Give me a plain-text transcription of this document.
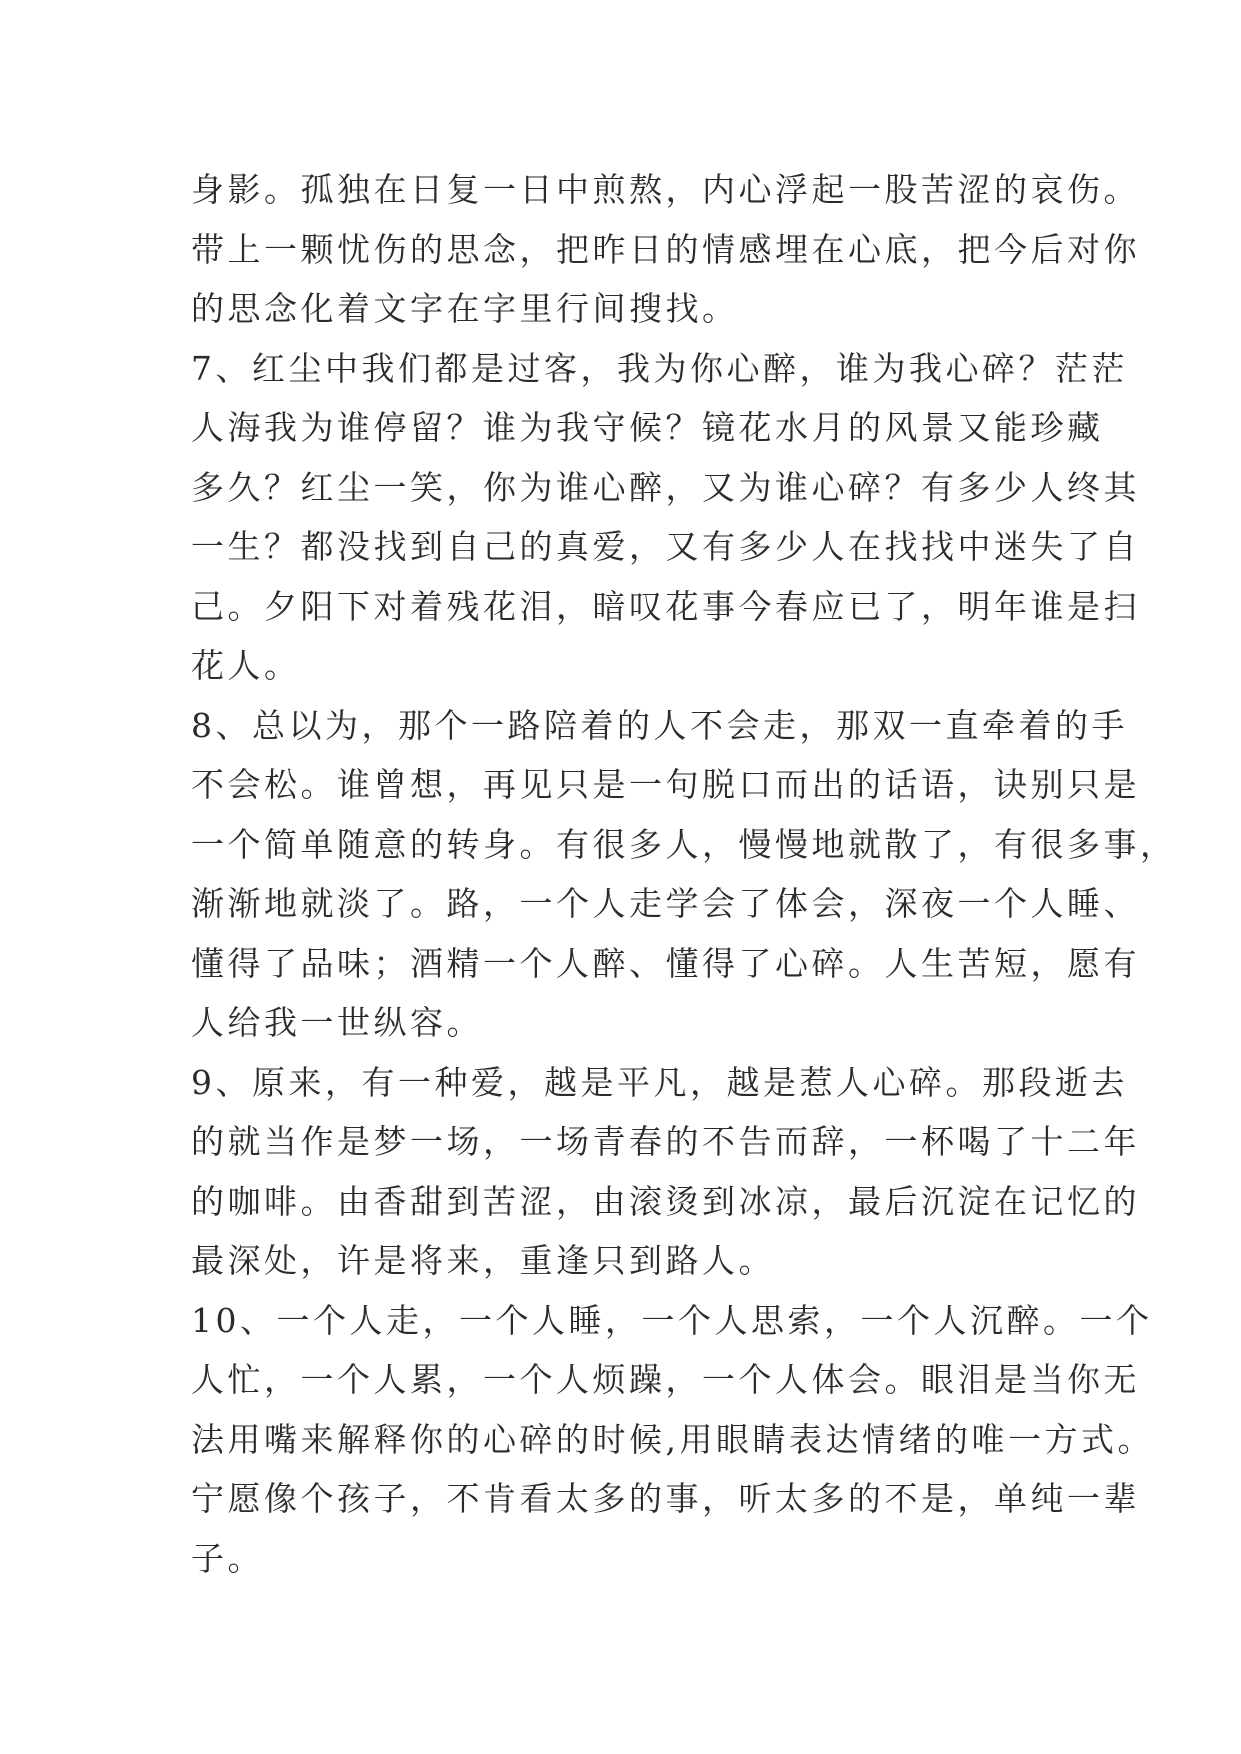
身影。孤独在日复一日中煎熬，内心浮起一股苦涩的哀伤。
带上一颗忧伤的思念，把昨日的情感埋在心底，把今后对你
的思念化着文字在字里行间搜找。
7、红尘中我们都是过客，我为你心醉，谁为我心碎？茫茫
人海我为谁停留？谁为我守候？镜花水月的风景又能珍藏
多久？红尘一笑，你为谁心醉，又为谁心碎？有多少人终其
一生？都没找到自己的真爱，又有多少人在找找中迷失了自
己。夕阳下对着残花泪，暗叹花事今春应已了，明年谁是扫
花人。
8、总以为，那个一路陪着的人不会走，那双一直牵着的手
不会松。谁曾想，再见只是一句脱口而出的话语，诀别只是
一个简单随意的转身。有很多人，慢慢地就散了，有很多事，
渐渐地就淡了。路，一个人走学会了体会，深夜一个人睡、
懂得了品味；酒精一个人醉、懂得了心碎。人生苦短，愿有
人给我一世纵容。
9、原来，有一种爱，越是平凡，越是惹人心碎。那段逝去
的就当作是梦一场，一场青春的不告而辞，一杯喝了十二年
的咖啡。由香甜到苦涩，由滚烫到冰凉，最后沉淀在记忆的
最深处，许是将来，重逢只到路人。
10、一个人走，一个人睡，一个人思索，一个人沉醉。一个
人忙，一个人累，一个人烦躁，一个人体会。眼泪是当你无
法用嘴来解释你的心碎的时候,用眼睛表达情绪的唯一方式。
宁愿像个孩子，不肯看太多的事，听太多的不是，单纯一辈
子。
